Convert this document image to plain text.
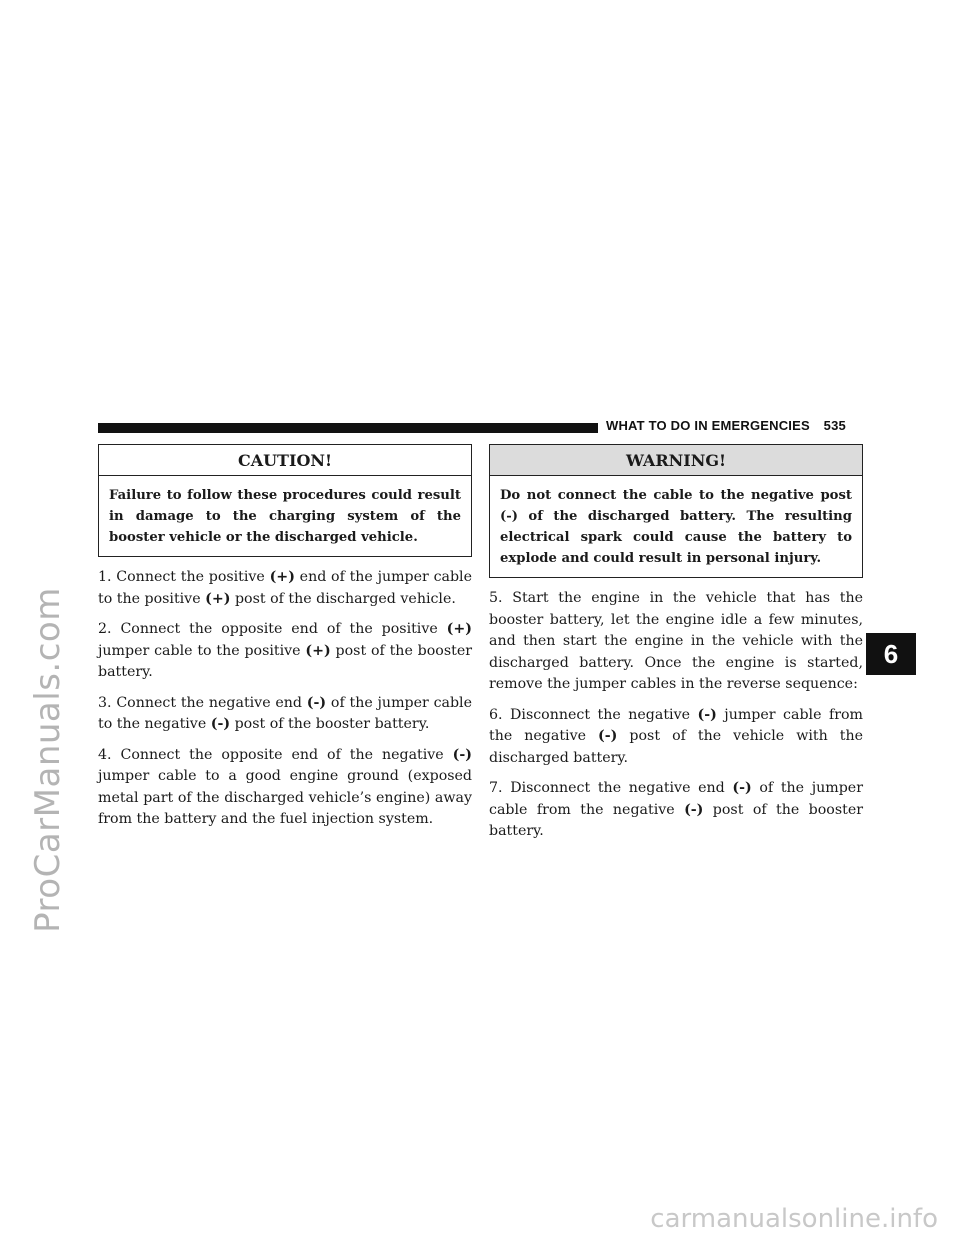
ProCarManuals.com
WHAT TO DO IN EMERGENCIES 535
6
CAUTION!
Failure to follow these procedures could result in damage to the charging system of the booster vehicle or the discharged vehicle.

1. Connect the positive (+) end of the jumper cable to the positive (+) post of the discharged vehicle.

2. Connect the opposite end of the positive (+) jumper cable to the positive (+) post of the booster battery.

3. Connect the negative end (-) of the jumper cable to the negative (-) post of the booster battery.

4. Connect the opposite end of the negative (-) jumper cable to a good engine ground (exposed metal part of the discharged vehicle’s engine) away from the battery and the fuel injection system.

WARNING!
Do not connect the cable to the negative post (-) of the discharged battery. The resulting electrical spark could cause the battery to explode and could result in personal injury.

5. Start the engine in the vehicle that has the booster battery, let the engine idle a few minutes, and then start the engine in the vehicle with the discharged battery. Once the engine is started, remove the jumper cables in the reverse sequence:

6. Disconnect the negative (-) jumper cable from the negative (-) post of the vehicle with the discharged battery.

7. Disconnect the negative end (-) of the jumper cable from the negative (-) post of the booster battery.

carmanualsonline.info
